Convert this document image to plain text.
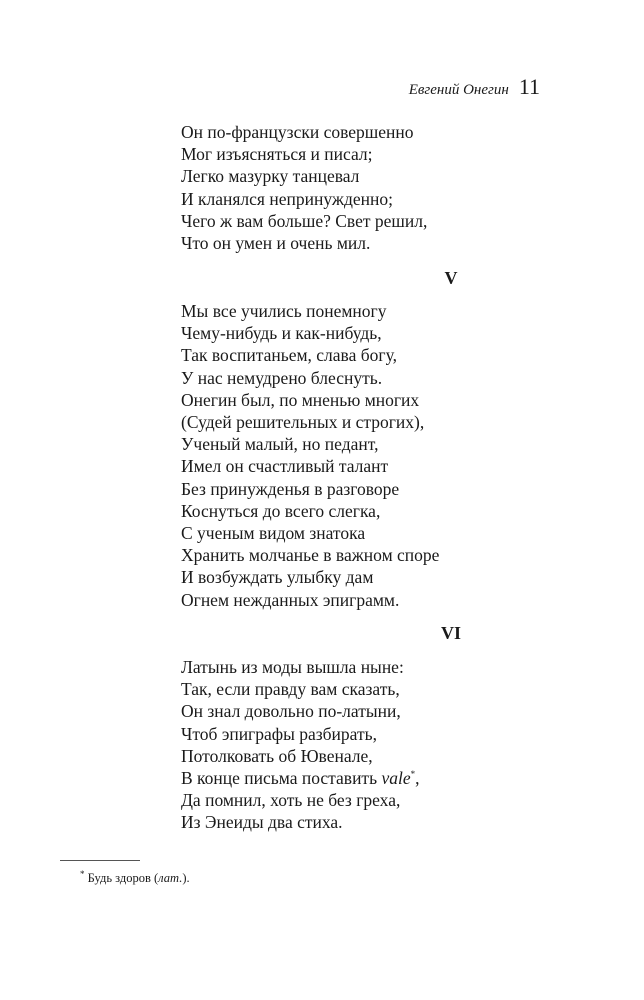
Евгений Онегин 11
Он по-французски совершенно
Мог изъясняться и писал;
Легко мазурку танцевал
И кланялся непринужденно;
Чего ж вам больше? Свет решил,
Что он умен и очень мил.
V
Мы все учились понемногу
Чему-нибудь и как-нибудь,
Так воспитаньем, слава богу,
У нас немудрено блеснуть.
Онегин был, по мненью многих
(Судей решительных и строгих),
Ученый малый, но педант,
Имел он счастливый талант
Без принужденья в разговоре
Коснуться до всего слегка,
С ученым видом знатока
Хранить молчанье в важном споре
И возбуждать улыбку дам
Огнем нежданных эпиграмм.
VI
Латынь из моды вышла ныне:
Так, если правду вам сказать,
Он знал довольно по-латыни,
Чтоб эпиграфы разбирать,
Потолковать об Ювенале,
В конце письма поставить vale*,
Да помнил, хоть не без греха,
Из Энеиды два стиха.
* Будь здоров (лат.).
